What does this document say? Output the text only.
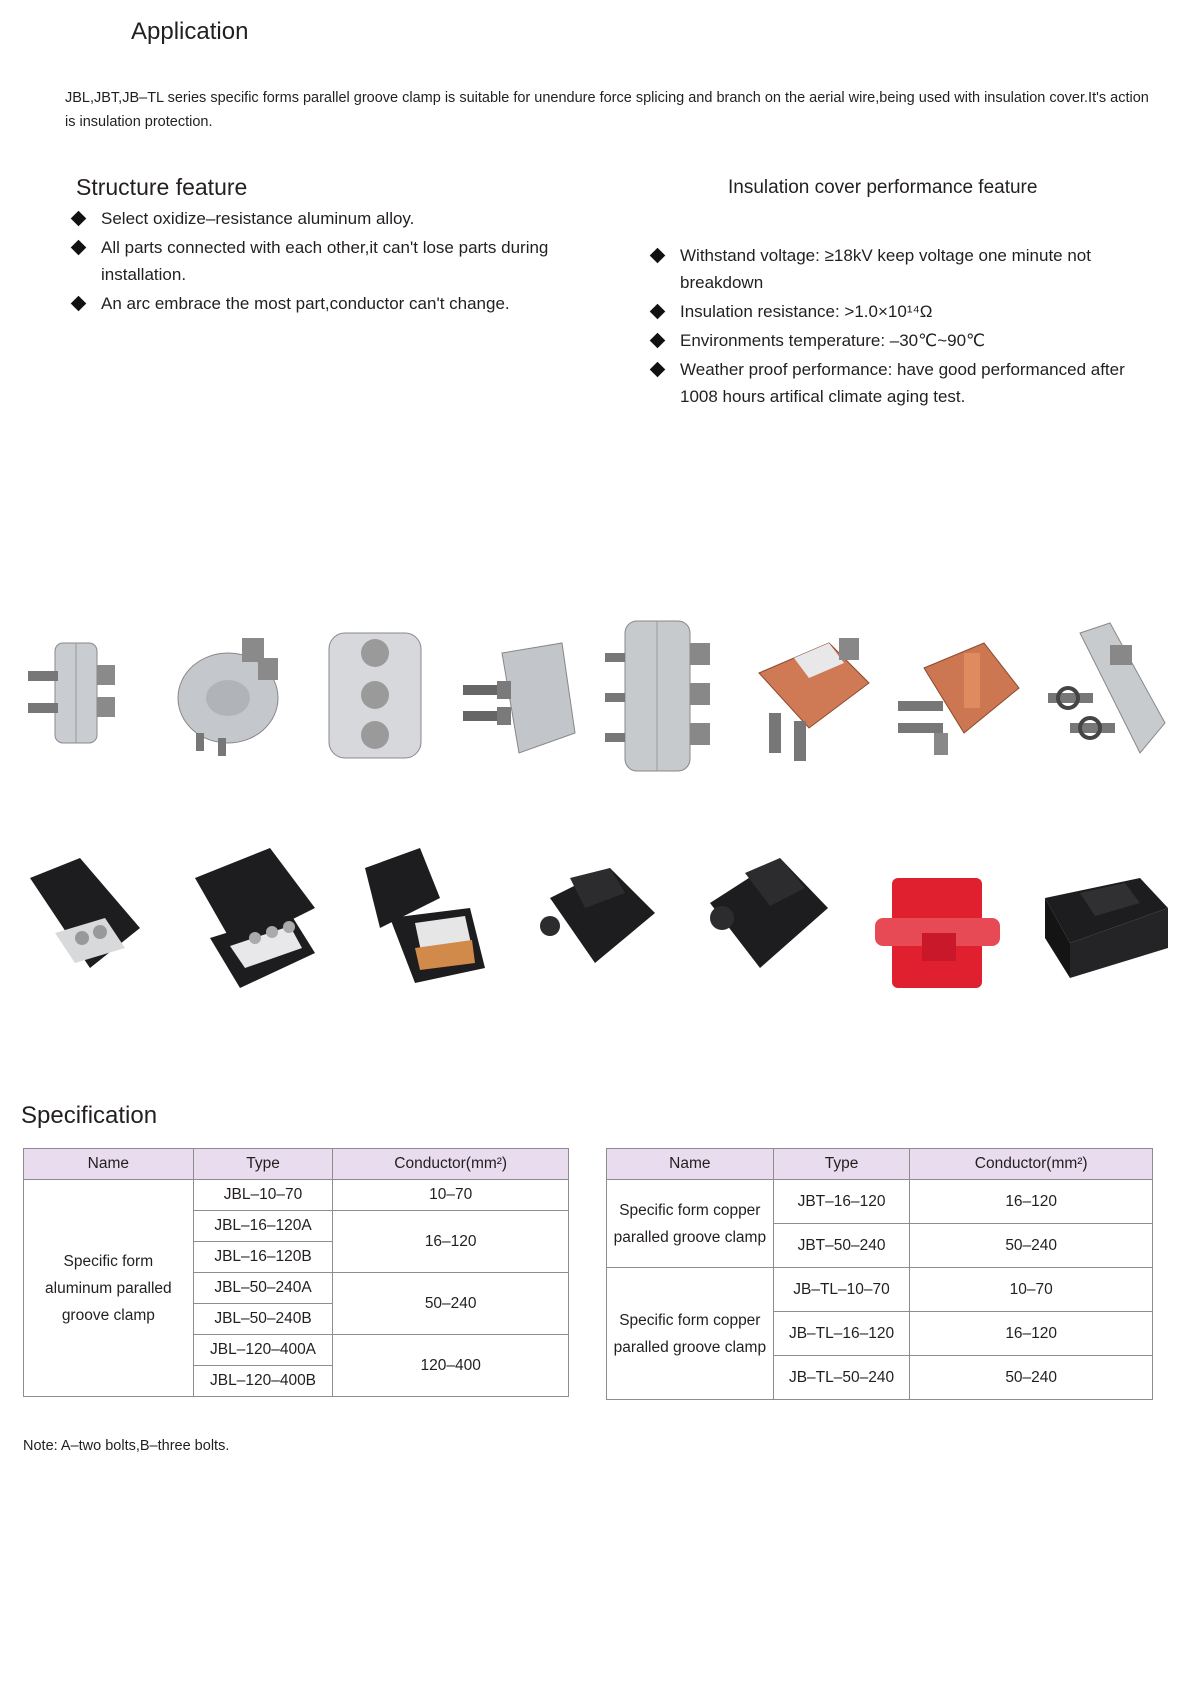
Application
JBL,JBT,JB–TL series specific forms parallel groove clamp is suitable for unendure force splicing and branch on the aerial wire,being used with insulation cover.It's action is insulation protection.
Structure feature
Select oxidize–resistance aluminum alloy.
All parts connected with each other,it can't lose parts during installation.
An arc embrace the most part,conductor can't change.
Insulation cover performance feature
Withstand voltage: ≥18kV keep voltage one minute not breakdown
Insulation resistance: >1.0×10¹⁴Ω
Environments temperature: –30℃~90℃
Weather proof performance: have good performanced after 1008 hours artifical climate aging test.
Specification
Name	Type	Conductor(mm²)

Specific form
aluminum paralled
groove clamp	JBL–10–70	10–70
	JBL–16–120A	16–120
	JBL–16–120B	
	JBL–50–240A	50–240
	JBL–50–240B	
	JBL–120–400A	120–400
	JBL–120–400B	
Name	Type	Conductor(mm²)

Specific form copper
paralled groove clamp	JBT–16–120	16–120
	JBT–50–240	50–240

Specific form copper
paralled groove clamp	JB–TL–10–70	10–70
	JB–TL–16–120	16–120
	JB–TL–50–240	50–240
Note: A–two bolts,B–three bolts.
